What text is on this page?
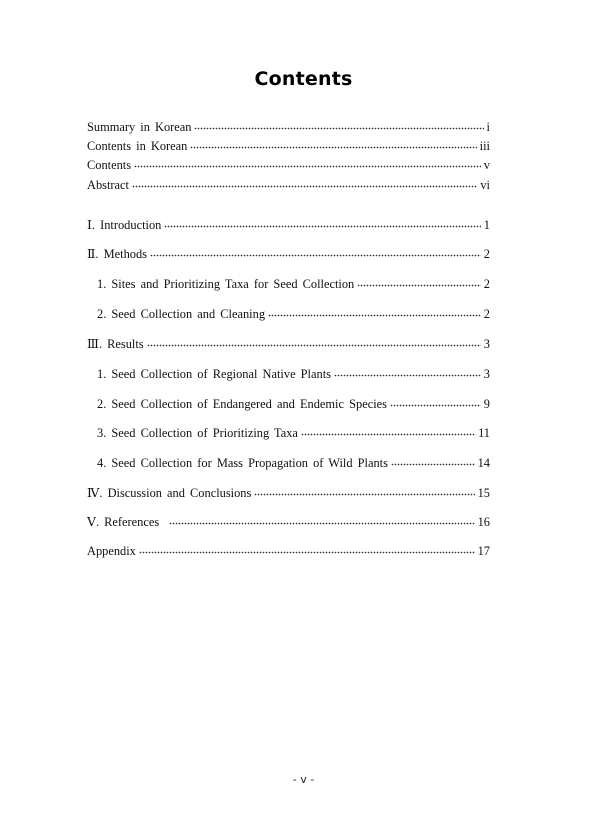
Contents
Summary in Korean	i
Contents in Korean	iii
Contents	v
Abstract	vi
Ⅰ. Introduction	1
Ⅱ. Methods	2
1. Sites and Prioritizing Taxa for Seed Collection	2
2. Seed Collection and Cleaning	2
Ⅲ. Results	3
1. Seed Collection of Regional Native Plants	3
2. Seed Collection of Endangered and Endemic Species	9
3. Seed Collection of Prioritizing Taxa	11
4. Seed Collection for Mass Propagation of Wild Plants	14
Ⅳ. Discussion and Conclusions	15
Ⅴ. References	16
Appendix	17
- v -
